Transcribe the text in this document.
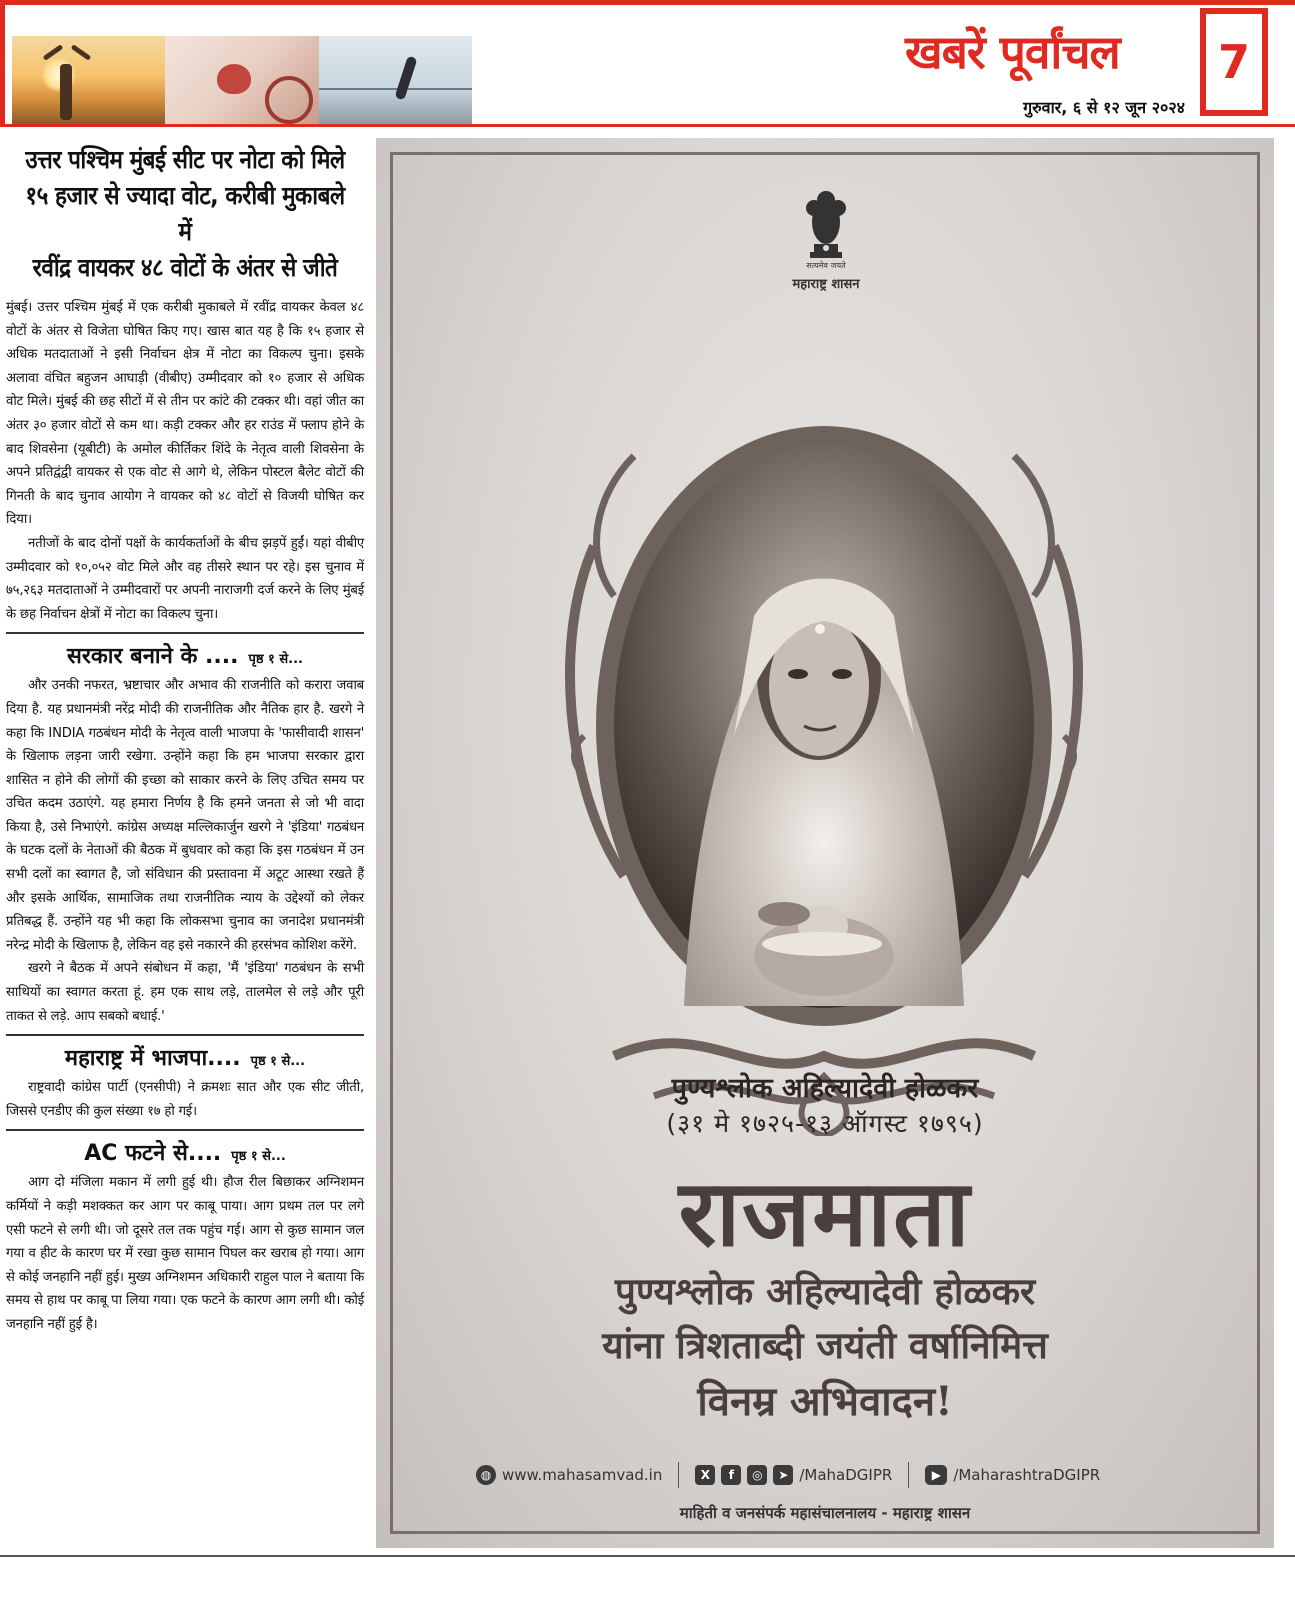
खबरें पूर्वांचल	7
गुरुवार, ६ से १२ जून २०२४
उत्तर पश्चिम मुंबई सीट पर नोटा को मिले
१५ हजार से ज्यादा वोट, करीबी मुकाबले में
रवींद्र वायकर ४८ वोटों के अंतर से जीते

मुंबई। उत्तर पश्चिम मुंबई में एक करीबी मुकाबले में रवींद्र वायकर केवल ४८ वोटों के अंतर से विजेता घोषित किए गए। खास बात यह है कि १५ हजार से अधिक मतदाताओं ने इसी निर्वाचन क्षेत्र में नोटा का विकल्प चुना। इसके अलावा वंचित बहुजन आघाड़ी (वीबीए) उम्मीदवार को १० हजार से अधिक वोट मिले। मुंबई की छह सीटों में से तीन पर कांटे की टक्कर थी। वहां जीत का अंतर ३० हजार वोटों से कम था। कड़ी टक्कर और हर राउंड में फ्लाप होने के बाद शिवसेना (यूबीटी) के अमोल कीर्तिकर शिंदे के नेतृत्व वाली शिवसेना के अपने प्रतिद्वंद्वी वायकर से एक वोट से आगे थे, लेकिन पोस्टल बैलेट वोटों की गिनती के बाद चुनाव आयोग ने वायकर को ४८ वोटों से विजयी घोषित कर दिया।

नतीजों के बाद दोनों पक्षों के कार्यकर्ताओं के बीच झड़पें हुईं। यहां वीबीए उम्मीदवार को १०,०५२ वोट मिले और वह तीसरे स्थान पर रहे। इस चुनाव में ७५,२६३ मतदाताओं ने उम्मीदवारों पर अपनी नाराजगी दर्ज करने के लिए मुंबई के छह निर्वाचन क्षेत्रों में नोटा का विकल्प चुना।

सरकार बनाने के .... पृष्ठ १ से...

और उनकी नफरत, भ्रष्टाचार और अभाव की राजनीति को करारा जवाब दिया है. यह प्रधानमंत्री नरेंद्र मोदी की राजनीतिक और नैतिक हार है. खरगे ने कहा कि INDIA गठबंधन मोदी के नेतृत्व वाली भाजपा के 'फासीवादी शासन' के खिलाफ लड़ना जारी रखेगा. उन्होंने कहा कि हम भाजपा सरकार द्वारा शासित न होने की लोगों की इच्छा को साकार करने के लिए उचित समय पर उचित कदम उठाएंगे. यह हमारा निर्णय है कि हमने जनता से जो भी वादा किया है, उसे निभाएंगे. कांग्रेस अध्यक्ष मल्लिकार्जुन खरगे ने 'इंडिया' गठबंधन के घटक दलों के नेताओं की बैठक में बुधवार को कहा कि इस गठबंधन में उन सभी दलों का स्वागत है, जो संविधान की प्रस्तावना में अटूट आस्था रखते हैं और इसके आर्थिक, सामाजिक तथा राजनीतिक न्याय के उद्देश्यों को लेकर प्रतिबद्ध हैं. उन्होंने यह भी कहा कि लोकसभा चुनाव का जनादेश प्रधानमंत्री नरेन्द्र मोदी के खिलाफ है, लेकिन वह इसे नकारने की हरसंभव कोशिश करेंगे.

खरगे ने बैठक में अपने संबोधन में कहा, 'मैं 'इंडिया' गठबंधन के सभी साथियों का स्वागत करता हूं. हम एक साथ लड़े, तालमेल से लड़े और पूरी ताकत से लड़े. आप सबको बधाई.'

महाराष्ट्र में भाजपा.... पृष्ठ १ से...

राष्ट्रवादी कांग्रेस पार्टी (एनसीपी) ने क्रमशः सात और एक सीट जीती, जिससे एनडीए की कुल संख्या १७ हो गई।

AC फटने से.... पृष्ठ १ से...

आग दो मंजिला मकान में लगी हुई थी। हौज रील बिछाकर अग्निशमन कर्मियों ने कड़ी मशक्कत कर आग पर काबू पाया। आग प्रथम तल पर लगे एसी फटने से लगी थी। जो दूसरे तल तक पहुंच गई। आग से कुछ सामान जल गया व हीट के कारण घर में रखा कुछ सामान पिघल कर खराब हो गया। आग से कोई जनहानि नहीं हुई। मुख्य अग्निशमन अधिकारी राहुल पाल ने बताया कि समय से हाथ पर काबू पा लिया गया। एक फटने के कारण आग लगी थी। कोई जनहानि नहीं हुई है।

सत्यमेव जयते
महाराष्ट्र शासन
पुण्यश्लोक अहिल्यादेवी होळकर
(३१ मे १७२५-१३ ऑगस्ट १७९५)
राजमाता
पुण्यश्लोक अहिल्यादेवी होळकर
यांना त्रिशताब्दी जयंती वर्षानिमित्त
विनम्र अभिवादन!
◍ www.mahasamvad.in	X	f	◎	➤ /MahaDGIPR	▶ /MaharashtraDGIPR
माहिती व जनसंपर्क महासंचालनालय - महाराष्ट्र शासन
